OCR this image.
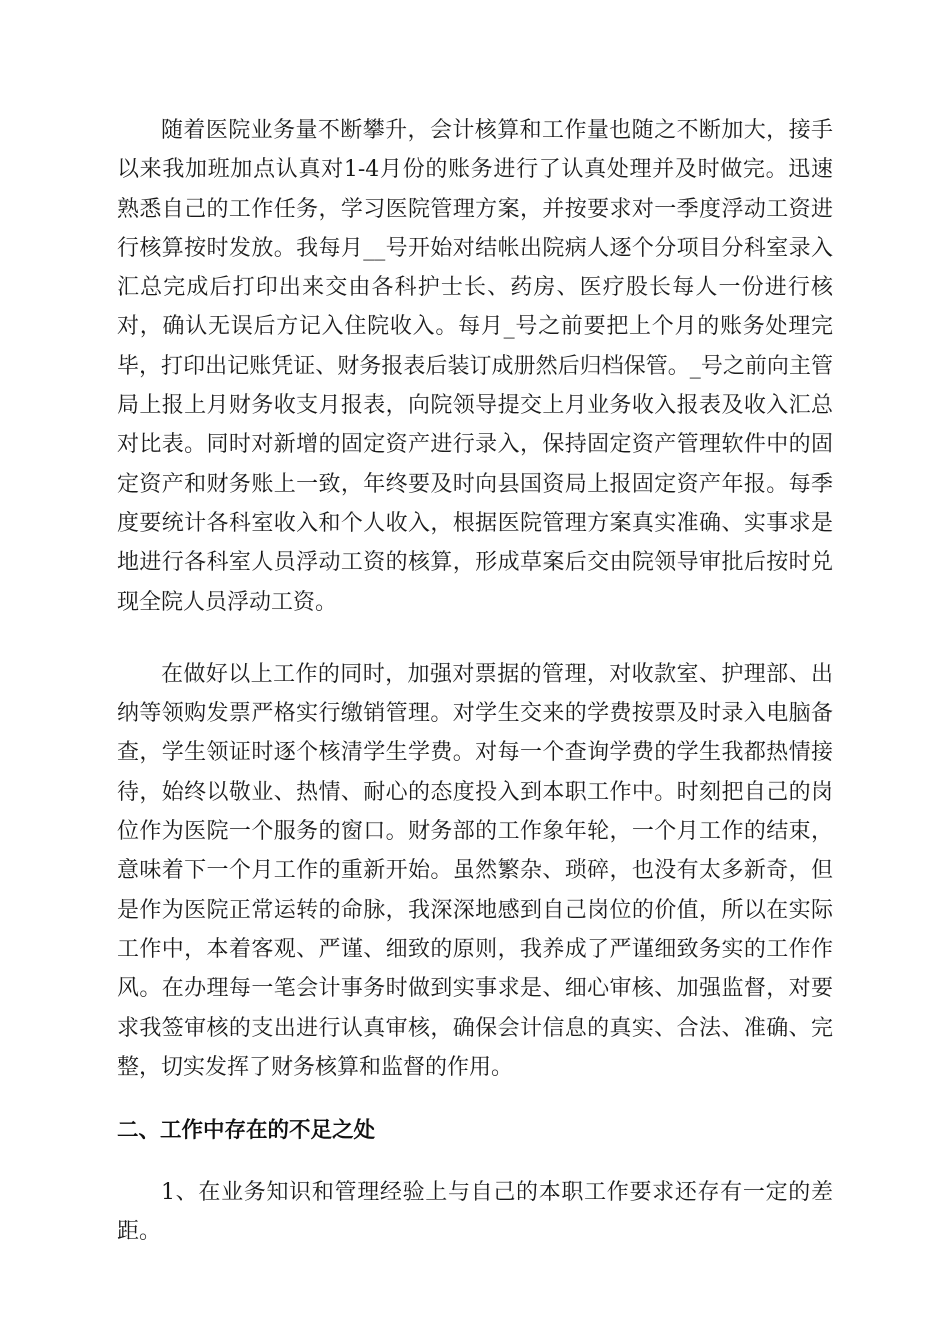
随着医院业务量不断攀升，会计核算和工作量也随之不断加大，接手以来我加班加点认真对1-4月份的账务进行了认真处理并及时做完。迅速熟悉自己的工作任务，学习医院管理方案，并按要求对一季度浮动工资进行核算按时发放。我每月__号开始对结帐出院病人逐个分项目分科室录入汇总完成后打印出来交由各科护士长、药房、医疗股长每人一份进行核对，确认无误后方记入住院收入。每月_号之前要把上个月的账务处理完毕，打印出记账凭证、财务报表后装订成册然后归档保管。_号之前向主管局上报上月财务收支月报表，向院领导提交上月业务收入报表及收入汇总对比表。同时对新增的固定资产进行录入，保持固定资产管理软件中的固定资产和财务账上一致，年终要及时向县国资局上报固定资产年报。每季度要统计各科室收入和个人收入，根据医院管理方案真实准确、实事求是地进行各科室人员浮动工资的核算，形成草案后交由院领导审批后按时兑现全院人员浮动工资。

在做好以上工作的同时，加强对票据的管理，对收款室、护理部、出纳等领购发票严格实行缴销管理。对学生交来的学费按票及时录入电脑备查，学生领证时逐个核清学生学费。对每一个查询学费的学生我都热情接待，始终以敬业、热情、耐心的态度投入到本职工作中。时刻把自己的岗位作为医院一个服务的窗口。财务部的工作象年轮，一个月工作的结束，意味着下一个月工作的重新开始。虽然繁杂、琐碎，也没有太多新奇，但是作为医院正常运转的命脉，我深深地感到自己岗位的价值，所以在实际工作中，本着客观、严谨、细致的原则，我养成了严谨细致务实的工作作风。在办理每一笔会计事务时做到实事求是、细心审核、加强监督，对要求我签审核的支出进行认真审核，确保会计信息的真实、合法、准确、完整，切实发挥了财务核算和监督的作用。

二、工作中存在的不足之处

1、在业务知识和管理经验上与自己的本职工作要求还存有一定的差距。
